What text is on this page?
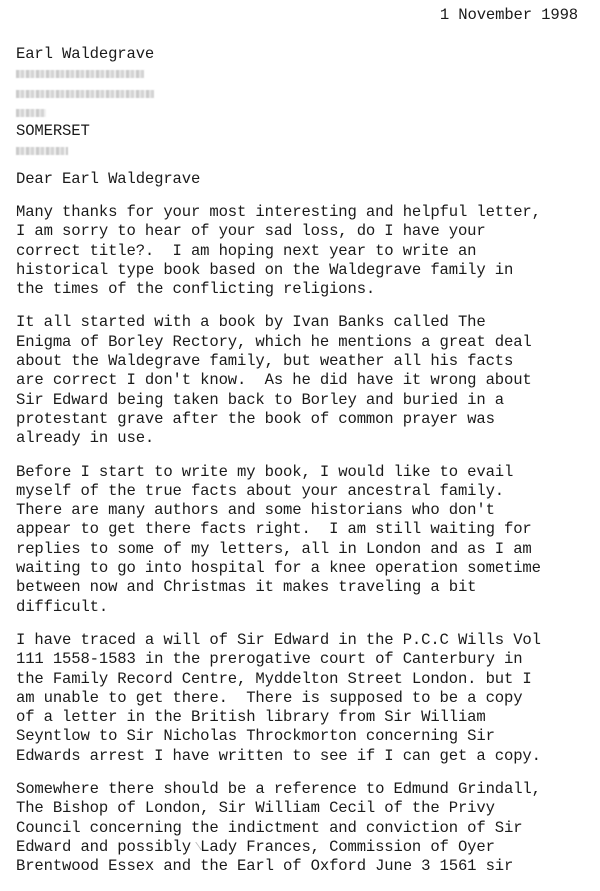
1 November 1998
Earl Waldegrave
SOMERSET
Dear Earl Waldegrave
Many thanks for your most interesting and helpful letter,
I am sorry to hear of your sad loss, do I have your
correct title?.  I am hoping next year to write an
historical type book based on the Waldegrave family in
the times of the conflicting religions.
It all started with a book by Ivan Banks called The
Enigma of Borley Rectory, which he mentions a great deal
about the Waldegrave family, but weather all his facts
are correct I don't know.  As he did have it wrong about
Sir Edward being taken back to Borley and buried in a
protestant grave after the book of common prayer was
already in use.
Before I start to write my book, I would like to evail
myself of the true facts about your ancestral family.
There are many authors and some historians who don't
appear to get there facts right.  I am still waiting for
replies to some of my letters, all in London and as I am
waiting to go into hospital for a knee operation sometime
between now and Christmas it makes traveling a bit
difficult.
I have traced a will of Sir Edward in the P.C.C Wills Vol
111 1558-1583 in the prerogative court of Canterbury in
the Family Record Centre, Myddelton Street London. but I
am unable to get there.  There is supposed to be a copy
of a letter in the British library from Sir William
Seyntlow to Sir Nicholas Throckmorton concerning Sir
Edwards arrest I have written to see if I can get a copy.
Somewhere there should be a reference to Edmund Grindall,
The Bishop of London, Sir William Cecil of the Privy
Council concerning the indictment and conviction of Sir
Edward and possibly Lady Frances, Commission of Oyer
Brentwood Essex and the Earl of Oxford June 3 1561 sir
